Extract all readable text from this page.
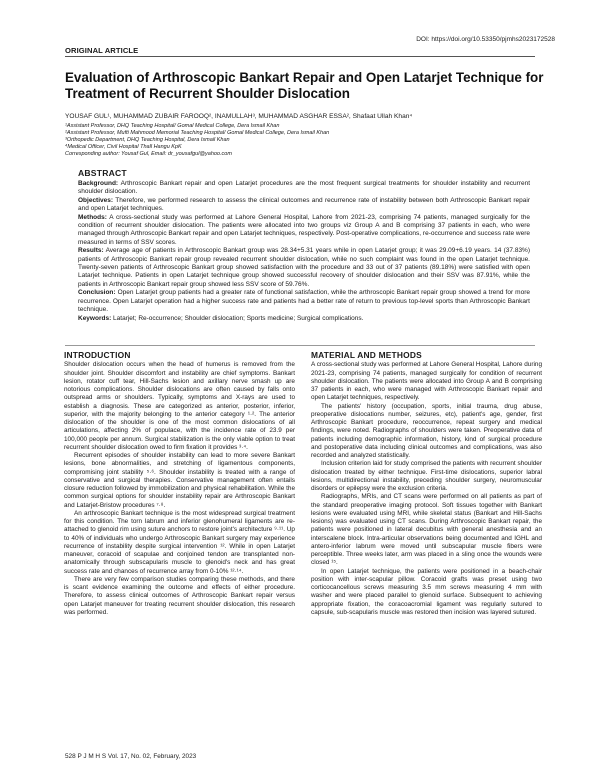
DOI: https://doi.org/10.53350/pjmhs2023172528
ORIGINAL ARTICLE
Evaluation of Arthroscopic Bankart Repair and Open Latarjet Technique for Treatment of Recurrent Shoulder Dislocation
YOUSAF GUL¹, MUHAMMAD ZUBAIR FAROOQ², INAMULLAH³, MUHAMMAD ASGHAR ESSA², Shafaat Ullah Khan⁴
¹Assistant Professor, DHQ Teaching Hospital/ Gomal Medical College, Dera Ismail Khan
²Assistant Professor, Mufti Mahmood Memorial Teaching Hospital/ Gomal Medical College, Dera Ismail Khan
³Orthopedic Department, DHQ Teaching Hospital, Dera Ismail Khan
⁴Medical Officer, Civil Hospital Thall Hangu KpK
Corresponding author: Yousaf Gul, Email: dr_yousafgul@yahoo.com
ABSTRACT

Background: Arthroscopic Bankart repair and open Latarjet procedures are the most frequent surgical treatments for shoulder instability and recurrent shoulder dislocation.

Objectives: Therefore, we performed research to assess the clinical outcomes and recurrence rate of instability between both Arthroscopic Bankart repair and open Latarjet techniques.

Methods: A cross-sectional study was performed at Lahore General Hospital, Lahore from 2021-23, comprising 74 patients, managed surgically for the condition of recurrent shoulder dislocation. The patients were allocated into two groups viz Group A and B comprising 37 patients in each, who were managed through Arthroscopic Bankart repair and open Latarjet techniques, respectively. Post-operative complications, re-occurrence and success rate were measured in terms of SSV scores.

Results: Average age of patients in Arthroscopic Bankart group was 28.34+5.31 years while in open Latarjet group; it was 29.09+6.19 years. 14 (37.83%) patients of Arthroscopic Bankart repair group revealed recurrent shoulder dislocation, while no such complaint was found in the open Latarjet technique. Twenty-seven patients of Arthroscopic Bankart group showed satisfaction with the procedure and 33 out of 37 patients (89.18%) were satisfied with open Latarjet technique. Patients in open Latarjet technique group showed successful recovery of shoulder dislocation and their SSV was 87.91%, while the patients in Arthroscopic Bankart repair group showed less SSV score of 59.76%.

Conclusion: Open Latarjet group patients had a greater rate of functional satisfaction, while the arthroscopic Bankart repair group showed a trend for more recurrence. Open Latarjet operation had a higher success rate and patients had a better rate of return to previous top-level sports than Arthroscopic Bankart technique.

Keywords: Latarjet; Re-occurrence; Shoulder dislocation; Sports medicine; Surgical complications.

INTRODUCTION

Shoulder dislocation occurs when the head of humerus is removed from the shoulder joint. Shoulder discomfort and instability are chief symptoms. Bankart lesion, rotator cuff tear, Hill-Sachs lesion and axillary nerve smash up are notorious complications. Shoulder dislocations are often caused by falls onto outspread arms or shoulders. Typically, symptoms and X-rays are used to establish a diagnosis. These are categorized as anterior, posterior, inferior, superior, with the majority belonging to the anterior category ¹·². The anterior dislocation of the shoulder is one of the most common dislocations of all articulations, affecting 2% of populace, with the incidence rate of 23.9 per 100,000 people per annum. Surgical stabilization is the only viable option to treat recurrent shoulder dislocation owed to firm fixation it provides ³·⁴.

Recurrent episodes of shoulder instability can lead to more severe Bankart lesions, bone abnormalities, and stretching of ligamentous components, compromising joint stability ⁵·⁶. Shoulder instability is treated with a range of conservative and surgical therapies. Conservative management often entails closure reduction followed by immobilization and physical rehabilitation. While the common surgical options for shoulder instability repair are Arthroscopic Bankart and Latarjet-Bristow procedures ⁷·⁸.

An arthroscopic Bankart technique is the most widespread surgical treatment for this condition. The torn labrum and inferior glenohumeral ligaments are re-attached to glenoid rim using suture anchors to restore joint's architecture ⁹·¹¹. Up to 40% of individuals who undergo Arthroscopic Bankart surgery may experience recurrence of instability despite surgical intervention ¹². While in open Latarjet maneuver, coracoid of scapulae and conjoined tendon are transplanted non-anatomically through subscapularis muscle to glenoid's neck and has great success rate and chances of recurrence array from 0-10% ¹²·¹⁴.

There are very few comparison studies comparing these methods, and there is scant evidence examining the outcome and effects of either procedure. Therefore, to assess clinical outcomes of Arthroscopic Bankart repair versus open Latarjet maneuver for treating recurrent shoulder dislocation, this research was performed.

MATERIAL AND METHODS

A cross-sectional study was performed at Lahore General Hospital, Lahore during 2021-23, comprising 74 patients, managed surgically for condition of recurrent shoulder dislocation. The patients were allocated into Group A and B comprising 37 patients in each, who were managed with Arthroscopic Bankart repair and open Latarjet techniques, respectively.

The patients' history (occupation, sports, initial trauma, drug abuse, preoperative dislocations number, seizures, etc), patient's age, gender, first Arthroscopic Bankart procedure, reoccurrence, repeat surgery and medical findings, were noted. Radiographs of shoulders were taken. Preoperative data of patients including demographic information, history, kind of surgical procedure and postoperative data including clinical outcomes and complications, was also recorded and analyzed statistically.

Inclusion criterion laid for study comprised the patients with recurrent shoulder dislocation treated by either technique. First-time dislocations, superior labral lesions, multidirectional instability, preceding shoulder surgery, neuromuscular disorders or epilepsy were the exclusion criteria.

Radiographs, MRIs, and CT scans were performed on all patients as part of the standard preoperative imaging protocol. Soft tissues together with Bankart lesions were evaluated using MRI, while skeletal status (Bankart and Hill-Sachs lesions) was evaluated using CT scans. During Arthroscopic Bankart repair, the patients were positioned in lateral decubitus with general anesthesia and an interscalene block. Intra-articular observations being documented and IGHL and antero-inferior labrum were moved until subscapular muscle fibers were perceptible. Three weeks later, arm was placed in a sling once the wounds were closed ¹⁵.

In open Latarjet technique, the patients were positioned in a beach-chair position with inter-scapular pillow. Coracoid grafts was preset using two corticocancellous screws measuring 3.5 mm screws measuring 4 mm with washer and were placed parallel to glenoid surface. Subsequent to achieving appropriate fixation, the coracoacromial ligament was regularly sutured to capsule, sub-scapularis muscle was restored then incision was layered sutured.

528 P J M H S Vol. 17, No. 02, February, 2023
